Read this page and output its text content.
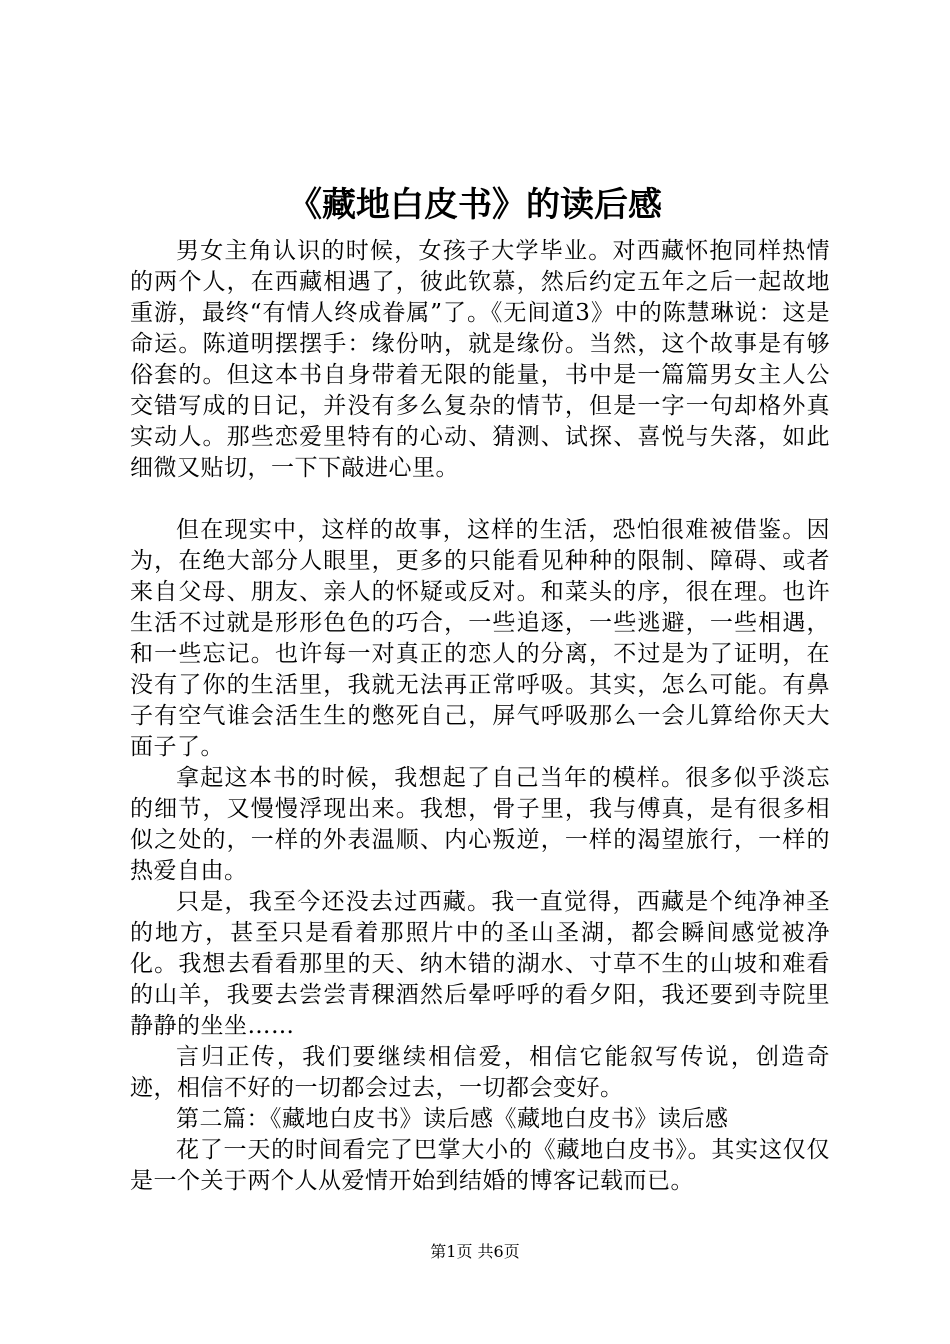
《藏地白皮书》的读后感

男女主角认识的时候，女孩子大学毕业。对西藏怀抱同样热情的两个人，在西藏相遇了，彼此钦慕，然后约定五年之后一起故地重游，最终“有情人终成眷属”了。《无间道3》中的陈慧琳说：这是命运。陈道明摆摆手：缘份呐，就是缘份。当然，这个故事是有够俗套的。但这本书自身带着无限的能量，书中是一篇篇男女主人公交错写成的日记，并没有多么复杂的情节，但是一字一句却格外真实动人。那些恋爱里特有的心动、猜测、试探、喜悦与失落，如此细微又贴切，一下下敲进心里。

但在现实中，这样的故事，这样的生活，恐怕很难被借鉴。因为，在绝大部分人眼里，更多的只能看见种种的限制、障碍、或者来自父母、朋友、亲人的怀疑或反对。和菜头的序，很在理。也许生活不过就是形形色色的巧合，一些追逐，一些逃避，一些相遇，和一些忘记。也许每一对真正的恋人的分离，不过是为了证明，在没有了你的生活里，我就无法再正常呼吸。其实，怎么可能。有鼻子有空气谁会活生生的憋死自己，屏气呼吸那么一会儿算给你天大面子了。

拿起这本书的时候，我想起了自己当年的模样。很多似乎淡忘的细节，又慢慢浮现出来。我想，骨子里，我与傅真，是有很多相似之处的，一样的外表温顺、内心叛逆，一样的渴望旅行，一样的热爱自由。

只是，我至今还没去过西藏。我一直觉得，西藏是个纯净神圣的地方，甚至只是看着那照片中的圣山圣湖，都会瞬间感觉被净化。我想去看看那里的天、纳木错的湖水、寸草不生的山坡和难看的山羊，我要去尝尝青稞酒然后晕呼呼的看夕阳，我还要到寺院里静静的坐坐……

言归正传，我们要继续相信爱，相信它能叙写传说，创造奇迹，相信不好的一切都会过去，一切都会变好。

第二篇：《藏地白皮书》读后感《藏地白皮书》读后感

花了一天的时间看完了巴掌大小的《藏地白皮书》。其实这仅仅是一个关于两个人从爱情开始到结婚的博客记载而已。

第1页 共6页
